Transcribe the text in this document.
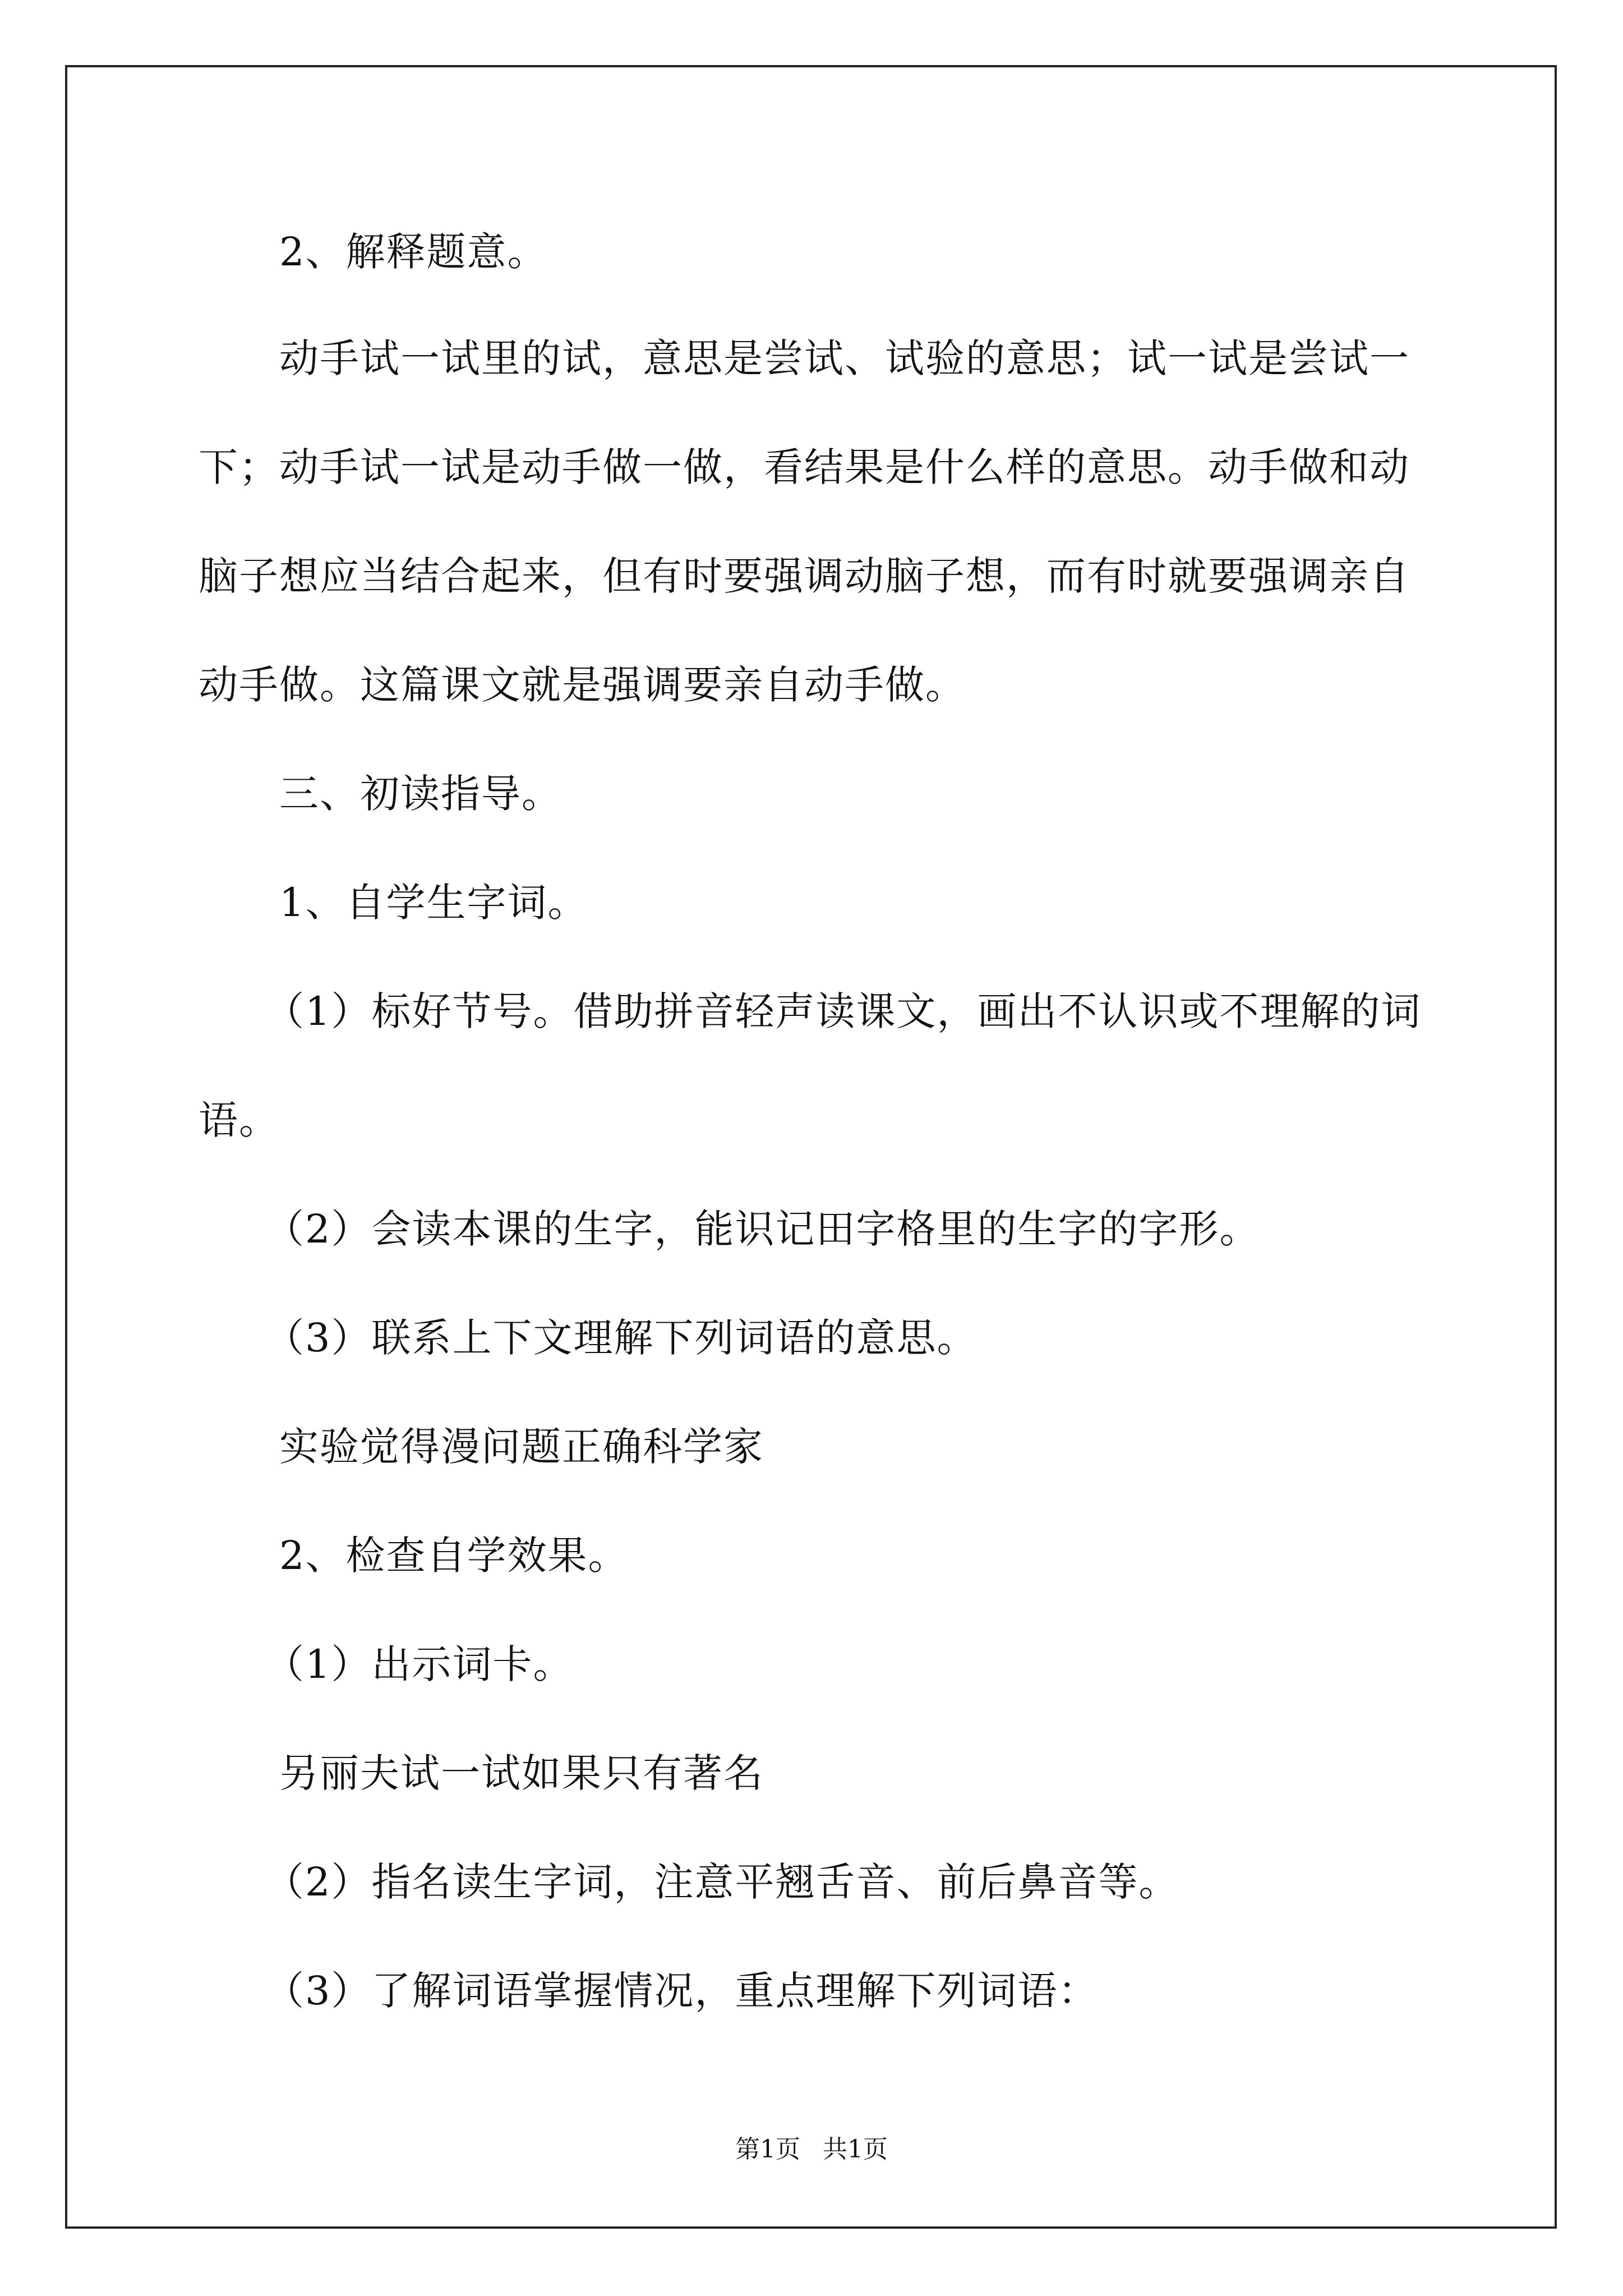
2、解释题意。

动手试一试里的试，意思是尝试、试验的意思；试一试是尝试一下；动手试一试是动手做一做，看结果是什么样的意思。动手做和动脑子想应当结合起来，但有时要强调动脑子想，而有时就要强调亲自动手做。这篇课文就是强调要亲自动手做。

三、初读指导。

1、自学生字词。

（1）标好节号。借助拼音轻声读课文，画出不认识或不理解的词语。

（2）会读本课的生字，能识记田字格里的生字的字形。

（3）联系上下文理解下列词语的意思。

实验觉得漫问题正确科学家

2、检查自学效果。

（1）出示词卡。

另丽夫试一试如果只有著名

（2）指名读生字词，注意平翘舌音、前后鼻音等。

（3）了解词语掌握情况，重点理解下列词语：

第1页 共1页
